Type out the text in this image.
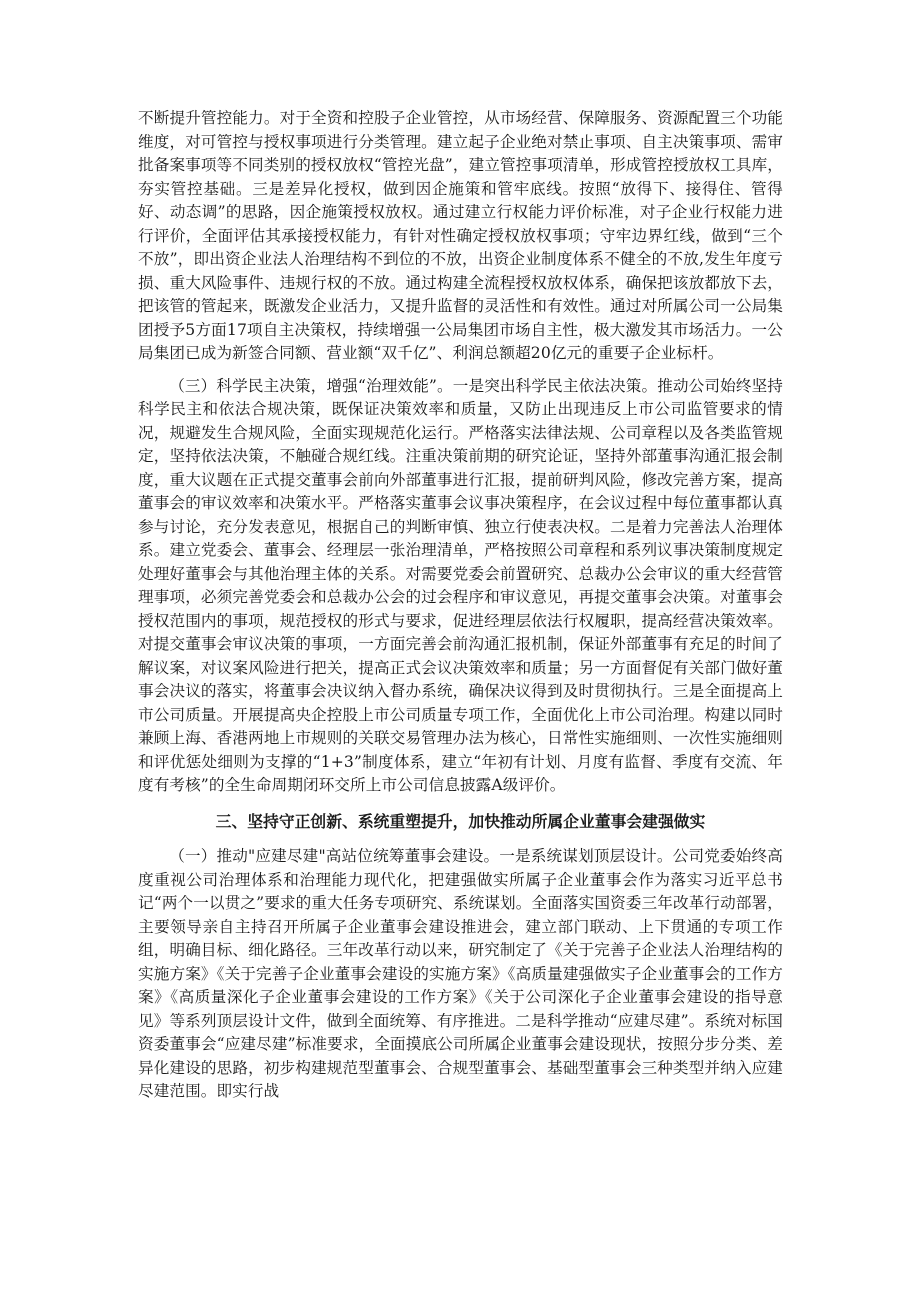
不断提升管控能力。对于全资和控股子企业管控，从市场经营、保障服务、资源配置三个功能维度，对可管控与授权事项进行分类管理。建立起子企业绝对禁止事项、自主决策事项、需审批备案事项等不同类别的授权放权“管控光盘”，建立管控事项清单，形成管控授放权工具库，夯实管控基础。三是差异化授权，做到因企施策和管牢底线。按照“放得下、接得住、管得好、动态调”的思路，因企施策授权放权。通过建立行权能力评价标准，对子企业行权能力进行评价，全面评估其承接授权能力，有针对性确定授权放权事项；守牢边界红线，做到“三个不放”，即出资企业法人治理结构不到位的不放，出资企业制度体系不健全的不放,发生年度亏损、重大风险事件、违规行权的不放。通过构建全流程授权放权体系，确保把该放都放下去，把该管的管起来，既激发企业活力，又提升监督的灵活性和有效性。通过对所属公司一公局集团授予5方面17项自主决策权，持续增强一公局集团市场自主性，极大激发其市场活力。一公局集团已成为新签合同额、营业额“双千亿”、利润总额超20亿元的重要子企业标杆。

（三）科学民主决策，增强“治理效能”。一是突出科学民主依法决策。推动公司始终坚持科学民主和依法合规决策，既保证决策效率和质量，又防止出现违反上市公司监管要求的情况，规避发生合规风险，全面实现规范化运行。严格落实法律法规、公司章程以及各类监管规定，坚持依法决策，不触碰合规红线。注重决策前期的研究论证，坚持外部董事沟通汇报会制度，重大议题在正式提交董事会前向外部董事进行汇报，提前研判风险，修改完善方案，提高董事会的审议效率和决策水平。严格落实董事会议事决策程序，在会议过程中每位董事都认真参与讨论，充分发表意见，根据自己的判断审慎、独立行使表决权。二是着力完善法人治理体系。建立党委会、董事会、经理层一张治理清单，严格按照公司章程和系列议事决策制度规定处理好董事会与其他治理主体的关系。对需要党委会前置研究、总裁办公会审议的重大经营管理事项，必须完善党委会和总裁办公会的过会程序和审议意见，再提交董事会决策。对董事会授权范围内的事项，规范授权的形式与要求，促进经理层依法行权履职，提高经营决策效率。对提交董事会审议决策的事项，一方面完善会前沟通汇报机制，保证外部董事有充足的时间了解议案，对议案风险进行把关，提高正式会议决策效率和质量；另一方面督促有关部门做好董事会决议的落实，将董事会决议纳入督办系统，确保决议得到及时贯彻执行。三是全面提高上市公司质量。开展提高央企控股上市公司质量专项工作，全面优化上市公司治理。构建以同时兼顾上海、香港两地上市规则的关联交易管理办法为核心，日常性实施细则、一次性实施细则和评优惩处细则为支撑的“1+3”制度体系，建立“年初有计划、月度有监督、季度有交流、年度有考核”的全生命周期闭环交所上市公司信息披露A级评价。

三、坚持守正创新、系统重塑提升，加快推动所属企业董事会建强做实

（一）推动"应建尽建"高站位统筹董事会建设。一是系统谋划顶层设计。公司党委始终高度重视公司治理体系和治理能力现代化，把建强做实所属子企业董事会作为落实习近平总书记“两个一以贯之”要求的重大任务专项研究、系统谋划。全面落实国资委三年改革行动部署，主要领导亲自主持召开所属子企业董事会建设推进会，建立部门联动、上下贯通的专项工作组，明确目标、细化路径。三年改革行动以来，研究制定了《关于完善子企业法人治理结构的实施方案》《关于完善子企业董事会建设的实施方案》《高质量建强做实子企业董事会的工作方案》《高质量深化子企业董事会建设的工作方案》《关于公司深化子企业董事会建设的指导意见》等系列顶层设计文件，做到全面统筹、有序推进。二是科学推动“应建尽建”。系统对标国资委董事会“应建尽建”标准要求，全面摸底公司所属企业董事会建设现状，按照分步分类、差异化建设的思路，初步构建规范型董事会、合规型董事会、基础型董事会三种类型并纳入应建尽建范围。即实行战
